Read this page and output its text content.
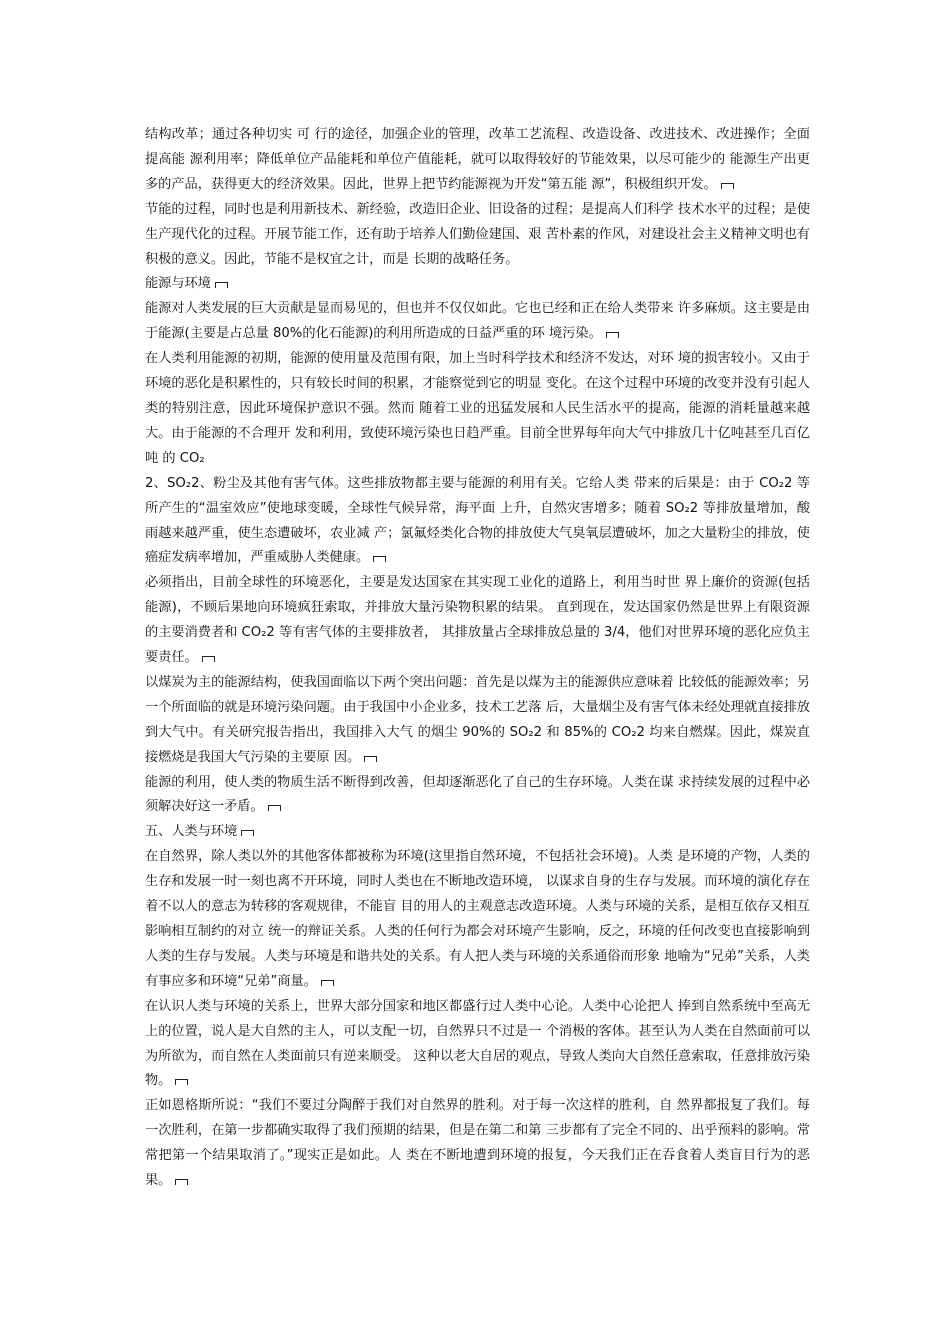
结构改革；通过各种切实 可 行的途径，加强企业的管理，改革工艺流程、改造设备、改进技术、改进操作；全面提高能 源利用率；降低单位产品能耗和单位产值能耗，就可以取得较好的节能效果，以尽可能少的 能源生产出更多的产品，获得更大的经济效果。因此，世界上把节约能源视为开发“第五能 源”，积极组织开发。

节能的过程，同时也是利用新技术、新经验，改造旧企业、旧设备的过程；是提高人们科学 技术水平的过程；是使生产现代化的过程。开展节能工作，还有助于培养人们勤俭建国、艰 苦朴素的作风，对建设社会主义精神文明也有积极的意义。因此，节能不是权宜之计，而是 长期的战略任务。

能源与环境

能源对人类发展的巨大贡献是显而易见的，但也并不仅仅如此。它也已经和正在给人类带来 许多麻烦。这主要是由于能源(主要是占总量 80%的化石能源)的利用所造成的日益严重的环 境污染。

在人类利用能源的初期，能源的使用量及范围有限，加上当时科学技术和经济不发达，对环 境的损害较小。又由于环境的恶化是积累性的，只有较长时间的积累，才能察觉到它的明显 变化。在这个过程中环境的改变并没有引起人类的特别注意，因此环境保护意识不强。然而 随着工业的迅猛发展和人民生活水平的提高，能源的消耗量越来越大。由于能源的不合理开 发和利用，致使环境污染也日趋严重。目前全世界每年向大气中排放几十亿吨甚至几百亿吨 的 CO₂

2、SO₂2、粉尘及其他有害气体。这些排放物都主要与能源的利用有关。它给人类 带来的后果是：由于 CO₂2 等所产生的“温室效应”使地球变暖，全球性气候异常，海平面 上升，自然灾害增多；随着 SO₂2 等排放量增加，酸雨越来越严重，使生态遭破坏，农业减 产；氯氟烃类化合物的排放使大气臭氧层遭破坏，加之大量粉尘的排放，使癌症发病率增加，严重威胁人类健康。

必须指出，目前全球性的环境恶化，主要是发达国家在其实现工业化的道路上，利用当时世 界上廉价的资源(包括能源)，不顾后果地向环境疯狂索取，并排放大量污染物积累的结果。 直到现在，发达国家仍然是世界上有限资源的主要消费者和 CO₂2 等有害气体的主要排放者， 其排放量占全球排放总量的 3/4，他们对世界环境的恶化应负主要责任。

以煤炭为主的能源结构，使我国面临以下两个突出问题：首先是以煤为主的能源供应意味着 比较低的能源效率；另一个所面临的就是环境污染问题。由于我国中小企业多，技术工艺落 后，大量烟尘及有害气体未经处理就直接排放到大气中。有关研究报告指出，我国排入大气 的烟尘 90%的 SO₂2 和 85%的 CO₂2 均来自燃煤。因此，煤炭直接燃烧是我国大气污染的主要原 因。

能源的利用，使人类的物质生活不断得到改善，但却逐渐恶化了自己的生存环境。人类在谋 求持续发展的过程中必须解决好这一矛盾。

五、人类与环境

在自然界，除人类以外的其他客体都被称为环境(这里指自然环境，不包括社会环境)。人类 是环境的产物，人类的生存和发展一时一刻也离不开环境，同时人类也在不断地改造环境， 以谋求自身的生存与发展。而环境的演化存在着不以人的意志为转移的客观规律，不能盲 目的用人的主观意志改造环境。人类与环境的关系，是相互依存又相互影响相互制约的对立 统一的辩证关系。人类的任何行为都会对环境产生影响，反之，环境的任何改变也直接影响到 人类的生存与发展。人类与环境是和谐共处的关系。有人把人类与环境的关系通俗而形象 地喻为“兄弟”关系，人类有事应多和环境“兄弟”商量。

在认识人类与环境的关系上，世界大部分国家和地区都盛行过人类中心论。人类中心论把人 捧到自然系统中至高无上的位置，说人是大自然的主人，可以支配一切，自然界只不过是一 个消极的客体。甚至认为人类在自然面前可以为所欲为，而自然在人类面前只有逆来顺受。 这种以老大自居的观点，导致人类向大自然任意索取，任意排放污染物。

正如恩格斯所说：“我们不要过分陶醉于我们对自然界的胜利。对于每一次这样的胜利，自 然界都报复了我们。每一次胜利，在第一步都确实取得了我们预期的结果，但是在第二和第 三步都有了完全不同的、出乎预料的影响。常常把第一个结果取消了。”现实正是如此。人 类在不断地遭到环境的报复，今天我们正在吞食着人类盲目行为的恶果。
